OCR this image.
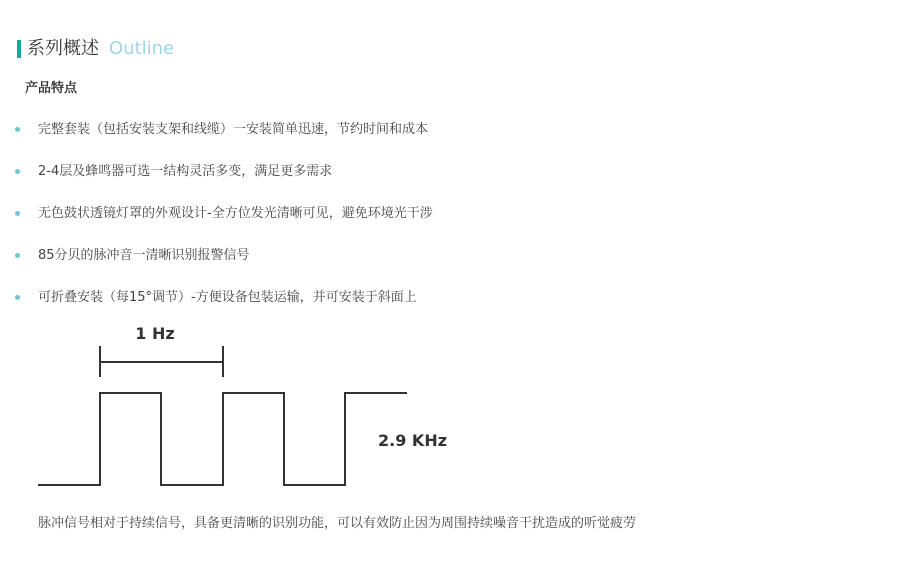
系列概述 Outline
产品特点
完整套装（包括安装支架和线缆）一安装简单迅速，节约时间和成本
2-4层及蜂鸣器可选一结构灵活多变，满足更多需求
无色鼓状透镜灯罩的外观设计-全方位发光清晰可见，避免环境光干涉
85分贝的脉冲音一清晰识别报警信号
可折叠安装（每15°调节）-方便设备包装运输，并可安装于斜面上
1 Hz
2.9 KHz
脉冲信号相对于持续信号，具备更清晰的识别功能，可以有效防止因为周围持续噪音干扰造成的听觉疲劳
